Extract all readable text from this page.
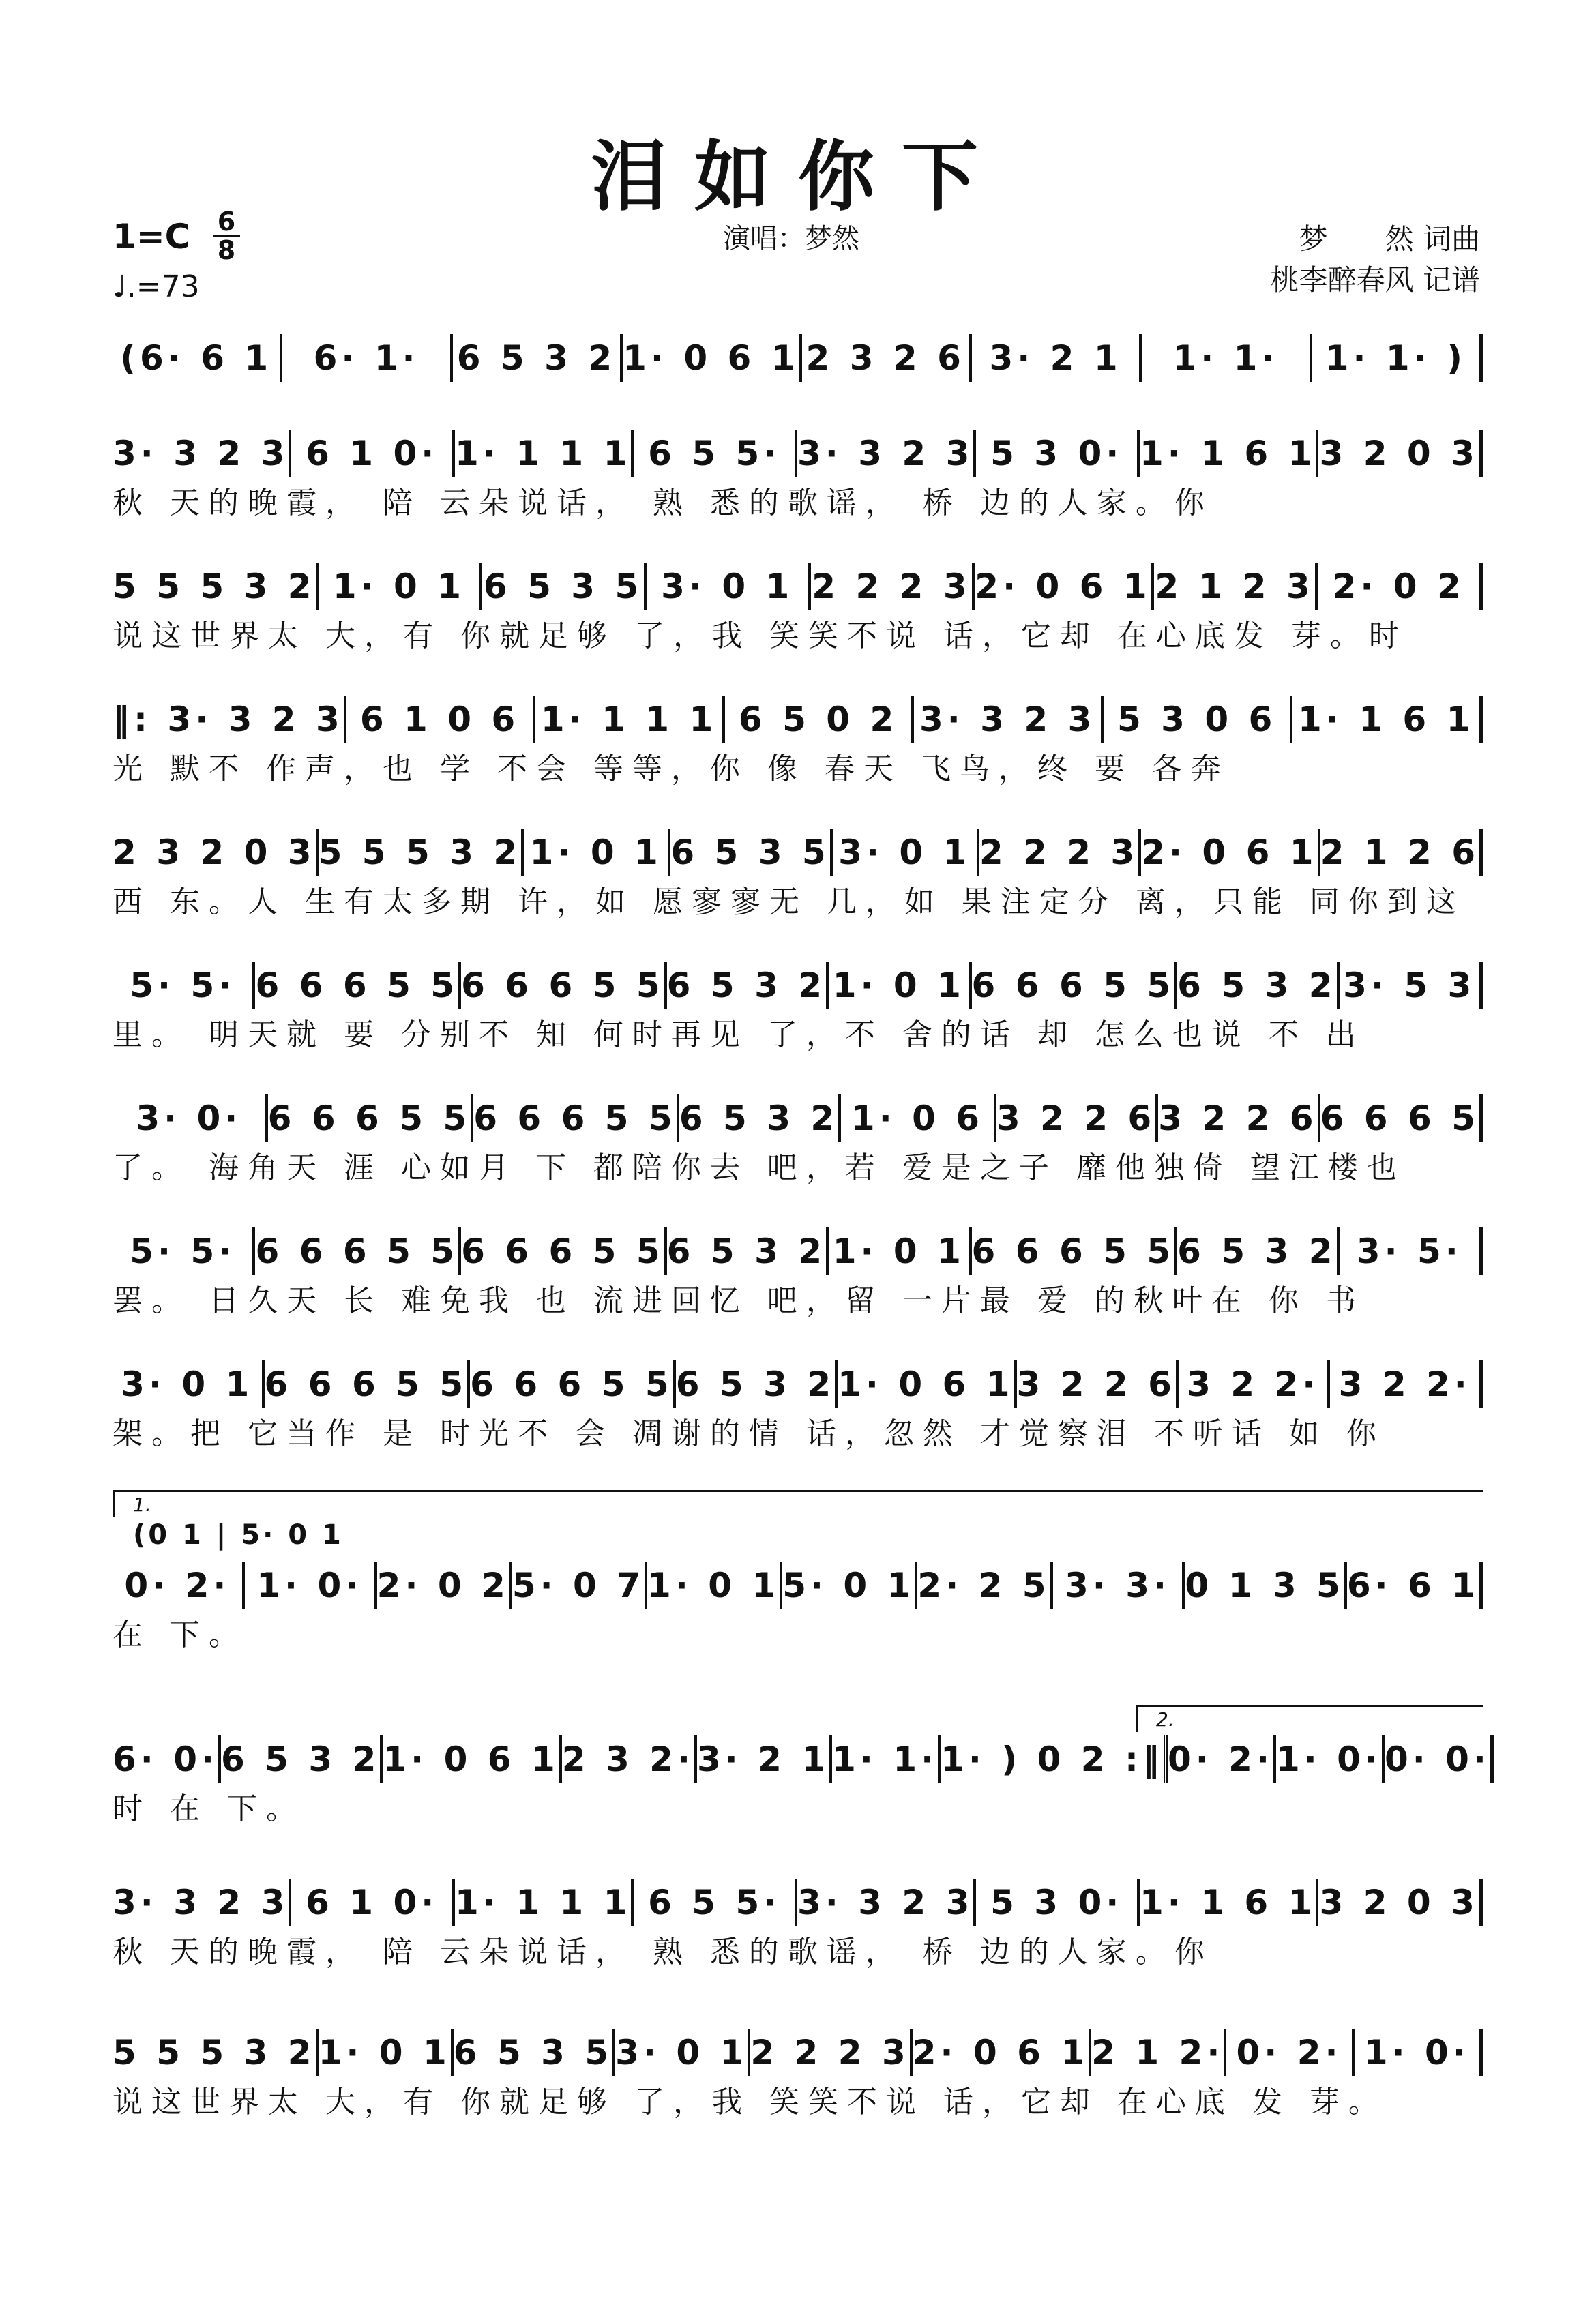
泪如你下
1=C 6
8
♩.=73
演唱：梦然	梦　　然 词曲
桃李醉春风 记谱
(6· 6 1	6· 1·	6 5 3 2 1· 0 6 1 2 3 2 6 3· 2 1	1· 1·	1· 1· )
3· 3 2 3 6 1 0· 1· 1 1 1 6 5 5· 3· 3 2 3 5 3 0· 1· 1 6 1 3 2 0 3
秋 天的晚霞， 陪 云朵说话， 熟 悉的歌谣， 桥 边的人家。你
5 5 5 3 2 1· 0 1 6 5 3 5 3· 0 1 2 2 2 3 2· 0 6 1 2 1 2 3 2· 0 2
说这世界太 大，有 你就足够 了，我 笑笑不说 话，它却 在心底发 芽。时
‖: 3· 3 2 3 6 1 0 6 1· 1 1 1 6 5 0 2 3· 3 2 3 5 3 0 6 1· 1 6 1
光 默不 作声，也 学 不会 等等，你 像 春天 飞鸟，终 要 各奔
2 3 2 0 3 5 5 5 3 2 1· 0 1 6 5 3 5 3· 0 1 2 2 2 3 2· 0 6 1 2 1 2 6
西 东。人 生有太多期 许，如 愿寥寥无 几，如 果注定分 离，只能 同你到这
5· 5· 6 6 6 5 5 6 6 6 5 5 6 5 3 2 1· 0 1 6 6 6 5 5 6 5 3 2 3· 5 3
里。 明天就 要 分别不 知 何时再见 了，不 舍的话 却 怎么也说 不 出
3· 0· 6 6 6 5 5 6 6 6 5 5 6 5 3 2 1· 0 6 3 2 2 6 3 2 2 6 6 6 6 5
了。 海角天 涯 心如月 下 都陪你去 吧，若 爱是之子 靡他独倚 望江楼也
5· 5· 6 6 6 5 5 6 6 6 5 5 6 5 3 2 1· 0 1 6 6 6 5 5 6 5 3 2 3· 5·
罢。 日久天 长 难免我 也 流进回忆 吧，留 一片最 爱 的秋叶在 你 书
3· 0 1 6 6 6 5 5 6 6 6 5 5 6 5 3 2 1· 0 6 1 3 2 2 6 3 2 2· 3 2 2·
架。把 它当作 是 时光不 会 凋谢的情 话，忽然 才觉察泪 不听话 如 你
0· 2· 1· 0· 2· 0 2 5· 0 7 1· 0 1 5· 0 1 2· 2 5 3· 3· 0 1 3 5 6· 6 1
在 下。
1.
(0 1 | 5· 0 1
6· 0· 6 5 3 2 1· 0 6 1 2 3 2· 3· 2 1 1· 1· 1· ) 0 2 :‖ 0· 2· 1· 0· 0· 0·
时 在 下。
2.
3· 3 2 3 6 1 0· 1· 1 1 1 6 5 5· 3· 3 2 3 5 3 0· 1· 1 6 1 3 2 0 3
秋 天的晚霞， 陪 云朵说话， 熟 悉的歌谣， 桥 边的人家。你
5 5 5 3 2 1· 0 1 6 5 3 5 3· 0 1 2 2 2 3 2· 0 6 1 2 1 2· 0· 2· 1· 0·
说这世界太 大，有 你就足够 了，我 笑笑不说 话，它却 在心底 发 芽。
